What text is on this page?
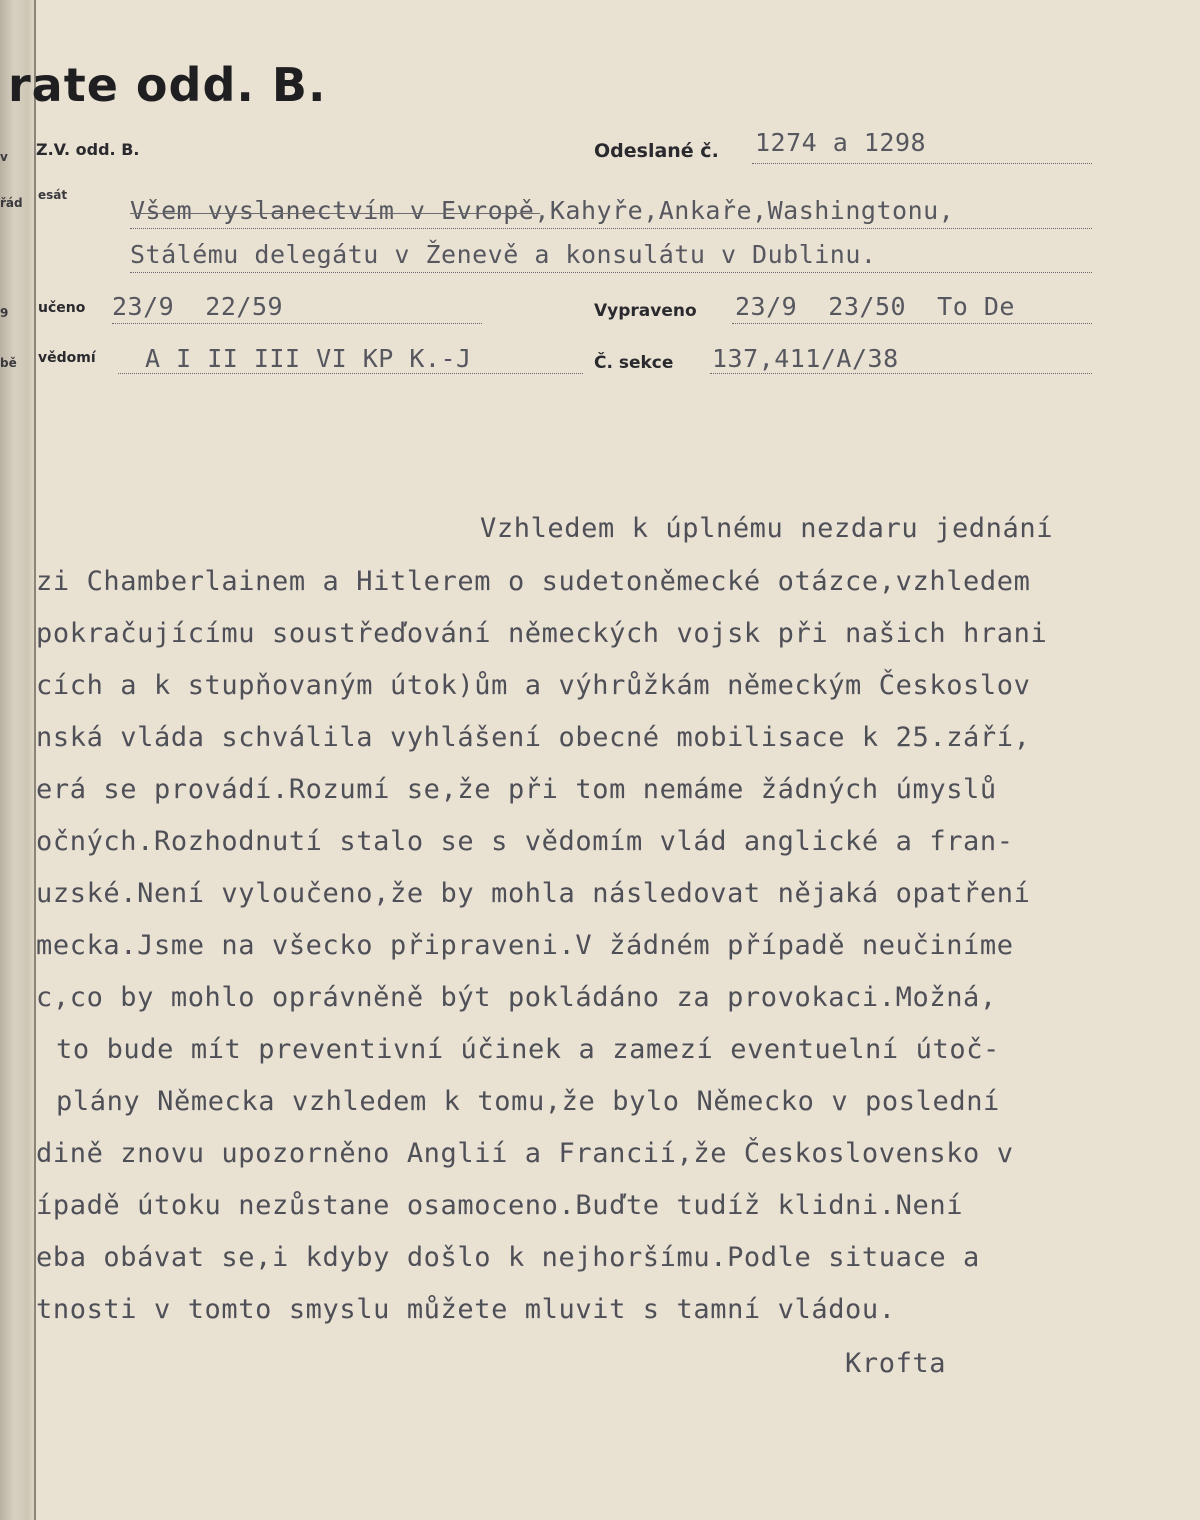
rate odd. B.
Z.V. odd. B.
v	Odeslané č. 1274 a 1298
esát
řád	Všem vyslanectvím v Evropě,Kahyře,Ankaře,Washingtonu,
Stálému delegátu v Ženevě a konsulátu v Dublinu.
9 učeno 23/9  22/59	Vypraveno 23/9  23/50  To De
bě vědomí A I II III VI KP K.-J	Č. sekce 137,411/A/38
Vzhledem k úplnému nezdaru jednání
zi Chamberlainem a Hitlerem o sudetoněmecké otázce,vzhledem
pokračujícímu soustřeďování německých vojsk při našich hrani
cích a k stupňovaným útok)ům a výhrůžkám německým Českoslov
nská vláda schválila vyhlášení obecné mobilisace k 25.září,
erá se provádí.Rozumí se,že při tom nemáme žádných úmyslů
očných.Rozhodnutí stalo se s vědomím vlád anglické a fran-
uzské.Není vyloučeno,že by mohla následovat nějaká opatření
mecka.Jsme na všecko připraveni.V žádném případě neučiníme
c,co by mohlo oprávněně být pokládáno za provokaci.Možná,
to bude mít preventivní účinek a zamezí eventuelní útoč-
plány Německa vzhledem k tomu,že bylo Německo v poslední
dině znovu upozorněno Anglií a Francií,že Československo v
ípadě útoku nezůstane osamoceno.Buďte tudíž klidni.Není
eba obávat se,i kdyby došlo k nejhoršímu.Podle situace a
tnosti v tomto smyslu můžete mluvit s tamní vládou.
Krofta
